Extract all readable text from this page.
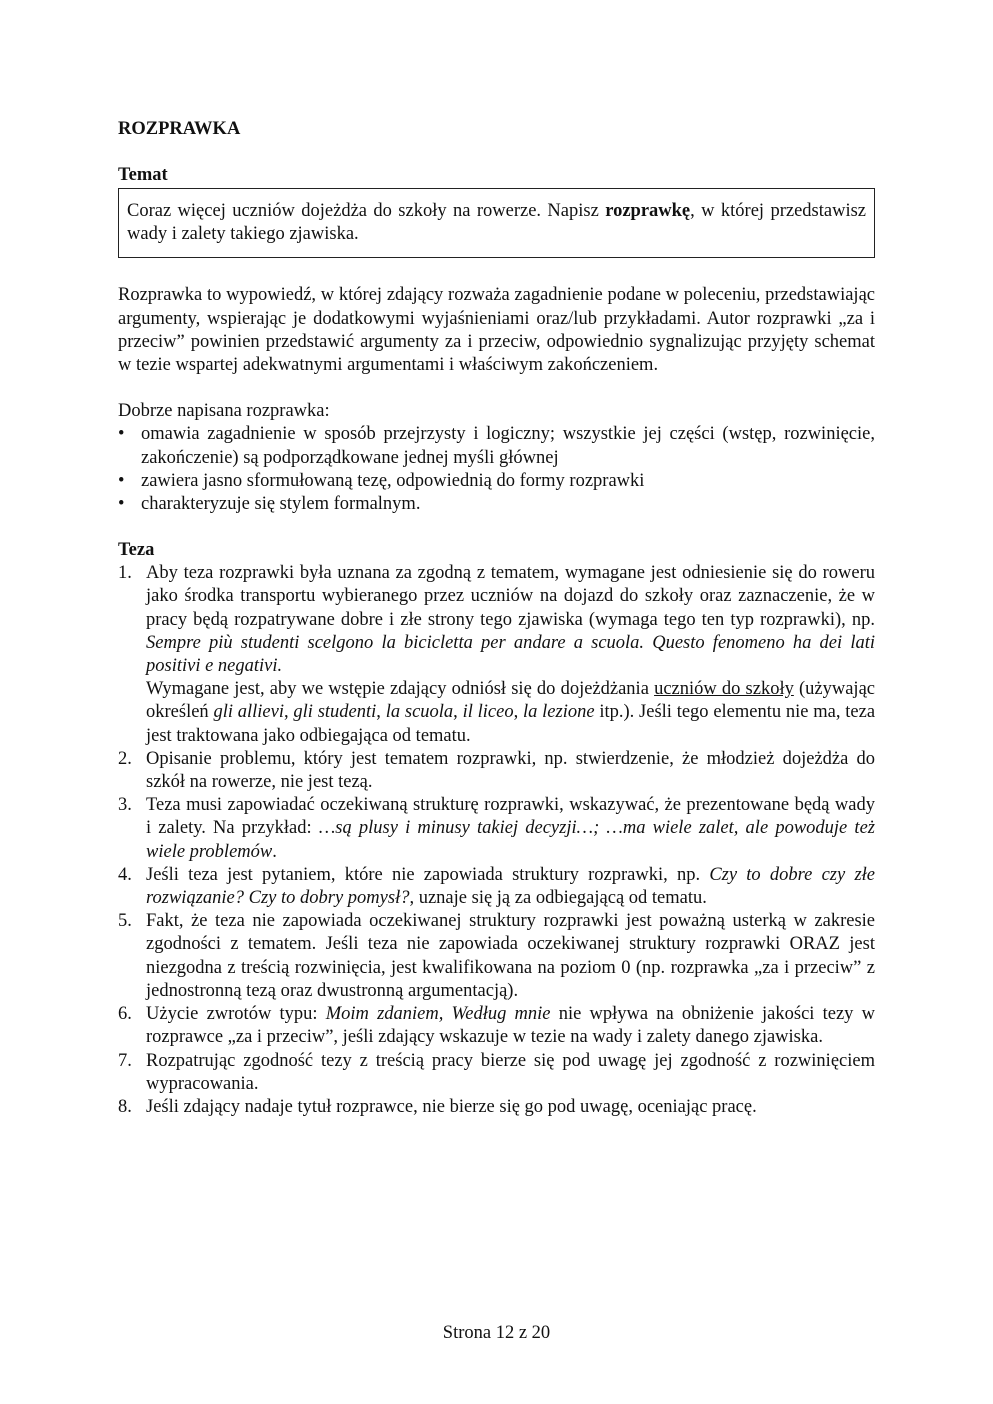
ROZPRAWKA
Temat
Coraz więcej uczniów dojeżdża do szkoły na rowerze. Napisz rozprawkę, w której przedstawisz wady i zalety takiego zjawiska.
Rozprawka to wypowiedź, w której zdający rozważa zagadnienie podane w poleceniu, przedstawiając argumenty, wspierając je dodatkowymi wyjaśnieniami oraz/lub przykładami. Autor rozprawki „za i przeciw” powinien przedstawić argumenty za i przeciw, odpowiednio sygnalizując przyjęty schemat w tezie wspartej adekwatnymi argumentami i właściwym zakończeniem.
Dobrze napisana rozprawka:
• omawia zagadnienie w sposób przejrzysty i logiczny; wszystkie jej części (wstęp, rozwinięcie, zakończenie) są podporządkowane jednej myśli głównej
• zawiera jasno sformułowaną tezę, odpowiednią do formy rozprawki
• charakteryzuje się stylem formalnym.
Teza
1. Aby teza rozprawki była uznana za zgodną z tematem, wymagane jest odniesienie się do roweru jako środka transportu wybieranego przez uczniów na dojazd do szkoły oraz zaznaczenie, że w pracy będą rozpatrywane dobre i złe strony tego zjawiska (wymaga tego ten typ rozprawki), np. Sempre più studenti scelgono la bicicletta per andare a scuola. Questo fenomeno ha dei lati positivi e negativi.
Wymagane jest, aby we wstępie zdający odniósł się do dojeżdżania uczniów do szkoły (używając określeń gli allievi, gli studenti, la scuola, il liceo, la lezione itp.). Jeśli tego elementu nie ma, teza jest traktowana jako odbiegająca od tematu.
2. Opisanie problemu, który jest tematem rozprawki, np. stwierdzenie, że młodzież dojeżdża do szkół na rowerze, nie jest tezą.
3. Teza musi zapowiadać oczekiwaną strukturę rozprawki, wskazywać, że prezentowane będą wady i zalety. Na przykład: …są plusy i minusy takiej decyzji…; …ma wiele zalet, ale powoduje też wiele problemów.
4. Jeśli teza jest pytaniem, które nie zapowiada struktury rozprawki, np. Czy to dobre czy złe rozwiązanie? Czy to dobry pomysł?, uznaje się ją za odbiegającą od tematu.
5. Fakt, że teza nie zapowiada oczekiwanej struktury rozprawki jest poważną usterką w zakresie zgodności z tematem. Jeśli teza nie zapowiada oczekiwanej struktury rozprawki ORAZ jest niezgodna z treścią rozwinięcia, jest kwalifikowana na poziom 0 (np. rozprawka „za i przeciw” z jednostronną tezą oraz dwustronną argumentacją).
6. Użycie zwrotów typu: Moim zdaniem, Według mnie nie wpływa na obniżenie jakości tezy w rozprawce „za i przeciw”, jeśli zdający wskazuje w tezie na wady i zalety danego zjawiska.
7. Rozpatrując zgodność tezy z treścią pracy bierze się pod uwagę jej zgodność z rozwinięciem wypracowania.
8. Jeśli zdający nadaje tytuł rozprawce, nie bierze się go pod uwagę, oceniając pracę.
Strona 12 z 20
